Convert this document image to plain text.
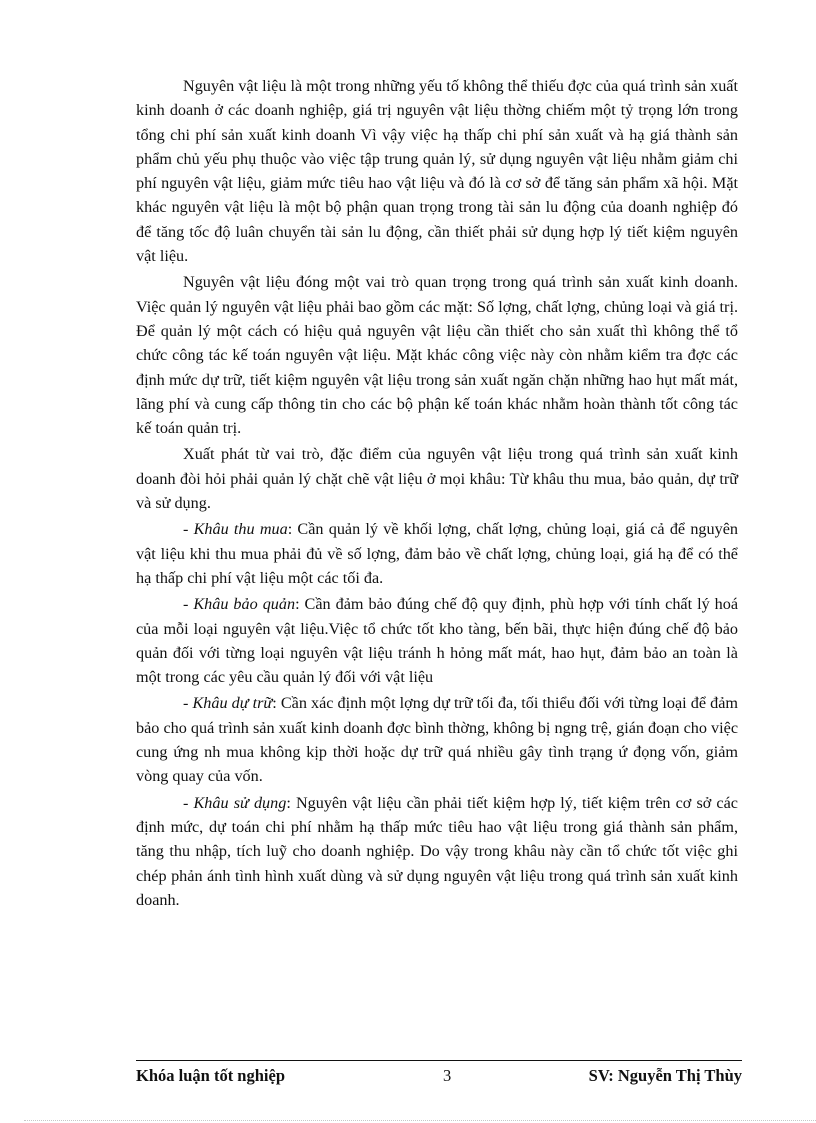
Nguyên vật liệu là một trong những yếu tố không thể thiếu đợc của quá trình sản xuất kinh doanh ở các doanh nghiệp, giá trị nguyên vật liệu thờng chiếm một tỷ trọng lớn trong tổng chi phí sản xuất kinh doanh Vì vậy việc hạ thấp chi phí sản xuất và hạ giá thành sản phẩm chủ yếu phụ thuộc vào việc tập trung quản lý, sử dụng nguyên vật liệu nhằm giảm chi phí nguyên vật liệu, giảm mức tiêu hao vật liệu và đó là cơ sở để tăng sản phẩm xã hội. Mặt khác nguyên vật liệu là một bộ phận quan trọng trong tài sản lu động của doanh nghiệp đó để tăng tốc độ luân chuyển tài sản lu động, cần thiết phải sử dụng hợp lý tiết kiệm nguyên vật liệu.

Nguyên vật liệu đóng một vai trò quan trọng trong quá trình sản xuất kinh doanh. Việc quản lý nguyên vật liệu phải bao gồm các mặt: Số lợng, chất lợng, chủng loại và giá trị. Để quản lý một cách có hiệu quả nguyên vật liệu cần thiết cho sản xuất thì không thể tổ chức công tác kế toán nguyên vật liệu. Mặt khác công việc này còn nhằm kiểm tra đợc các định mức dự trữ, tiết kiệm nguyên vật liệu trong sản xuất ngăn chặn những hao hụt mất mát, lãng phí và cung cấp thông tin cho các bộ phận kế toán khác nhằm hoàn thành tốt công tác kế toán quản trị.

Xuất phát từ vai trò, đặc điểm của nguyên vật liệu trong quá trình sản xuất kinh doanh đòi hỏi phải quản lý chặt chẽ vật liệu ở mọi khâu: Từ khâu thu mua, bảo quản, dự trữ và sử dụng.

- Khâu thu mua: Cần quản lý về khối lợng, chất lợng, chủng loại, giá cả để nguyên vật liệu khi thu mua phải đủ về số lợng, đảm bảo về chất lợng, chủng loại, giá hạ để có thể hạ thấp chi phí vật liệu một các tối đa.

- Khâu bảo quản: Cần đảm bảo đúng chế độ quy định, phù hợp với tính chất lý hoá của mỗi loại nguyên vật liệu.Việc tổ chức tốt kho tàng, bến bãi, thực hiện đúng chế độ bảo quản đối với từng loại nguyên vật liệu tránh h hỏng mất mát, hao hụt, đảm bảo an toàn là một trong các yêu cầu quản lý đối với vật liệu

- Khâu dự trữ: Cần xác định một lợng dự trữ tối đa, tối thiểu đối với từng loại để đảm bảo cho quá trình sản xuất kinh doanh đợc bình thờng, không bị ngng trệ, gián đoạn cho việc cung ứng nh mua không kịp thời hoặc dự trữ quá nhiều gây tình trạng ứ đọng vốn, giảm vòng quay của vốn.

- Khâu sử dụng: Nguyên vật liệu cần phải tiết kiệm hợp lý, tiết kiệm trên cơ sở các định mức, dự toán chi phí nhằm hạ thấp mức tiêu hao vật liệu trong giá thành sản phẩm, tăng thu nhập, tích luỹ cho doanh nghiệp. Do vậy trong khâu này cần tổ chức tốt việc ghi chép phản ánh tình hình xuất dùng và sử dụng nguyên vật liệu trong quá trình sản xuất kinh doanh.

Khóa luận tốt nghiệp	3	SV: Nguyễn Thị Thùy
